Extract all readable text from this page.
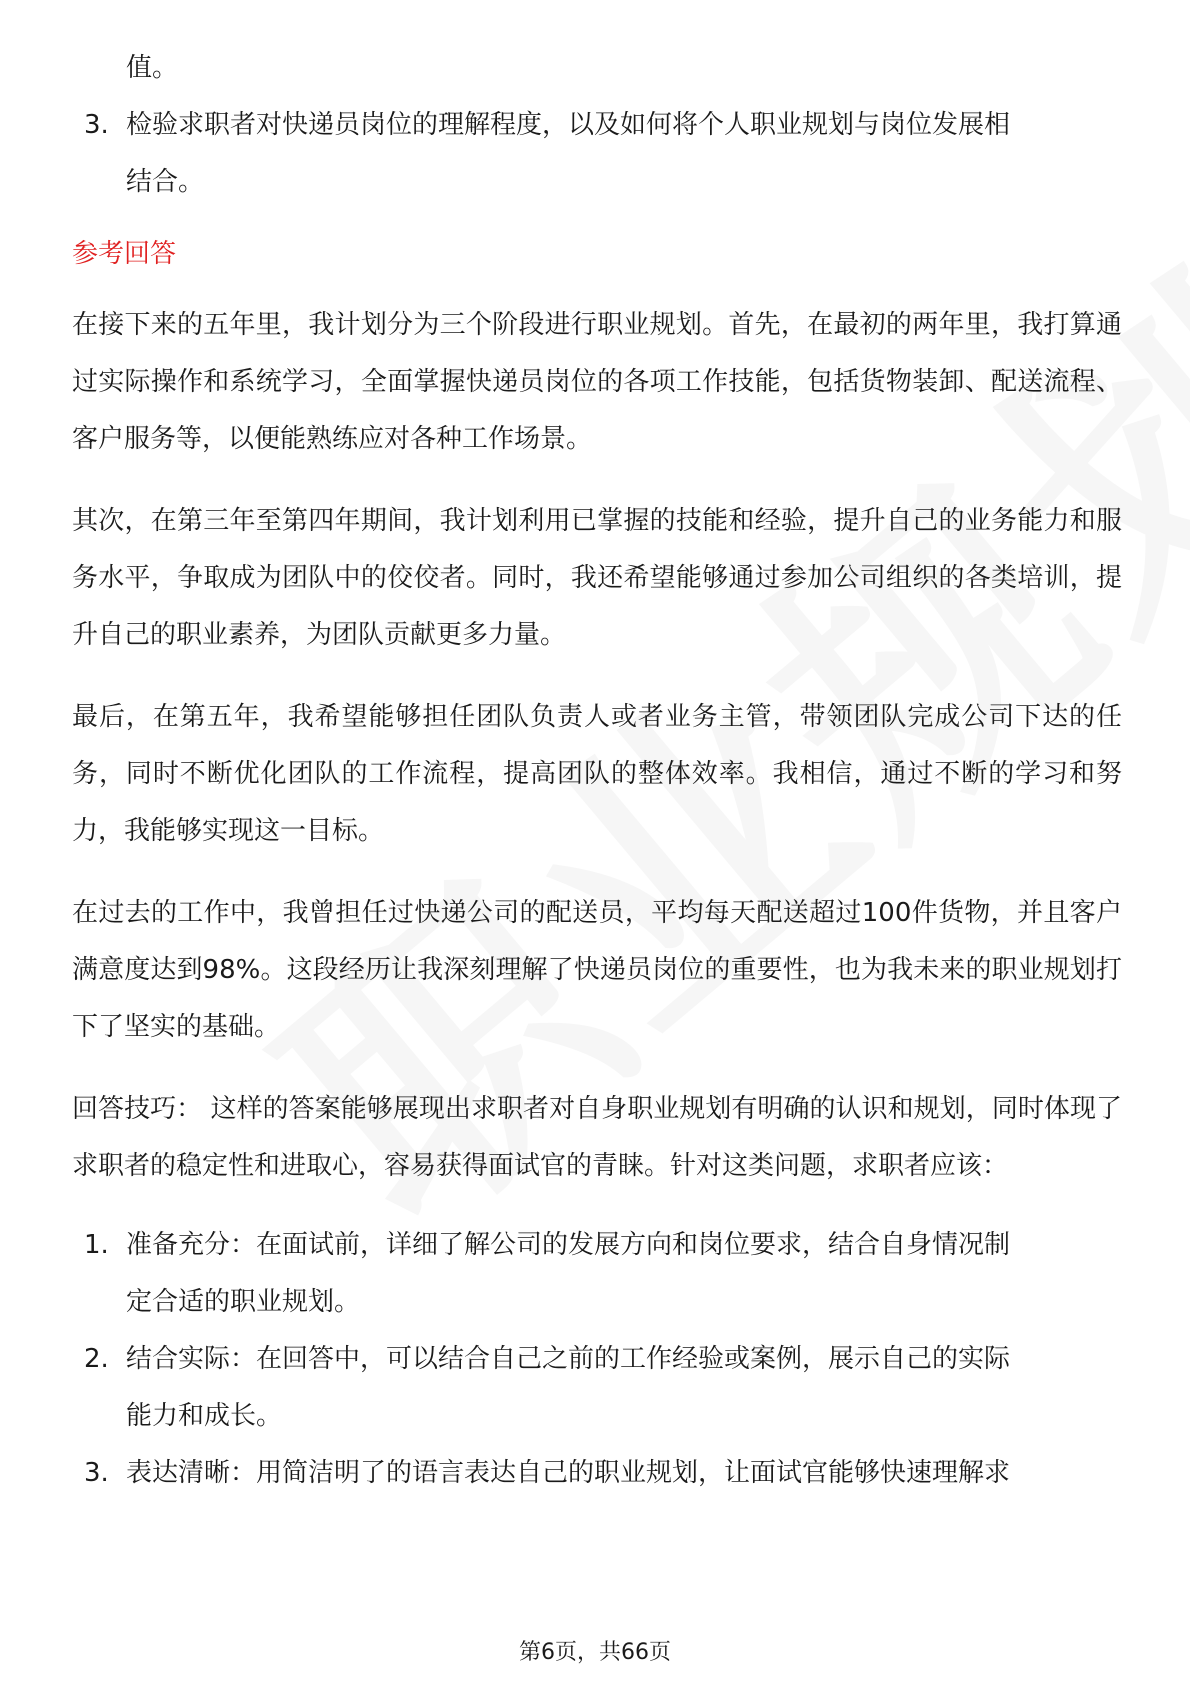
值。

3. 检验求职者对快递员岗位的理解程度，以及如何将个人职业规划与岗位发展相

结合。

参考回答

在接下来的五年里，我计划分为三个阶段进行职业规划。首先，在最初的两年里，我打算通过实际操作和系统学习，全面掌握快递员岗位的各项工作技能，包括货物装卸、配送流程、客户服务等，以便能熟练应对各种工作场景。

其次，在第三年至第四年期间，我计划利用已掌握的技能和经验，提升自己的业务能力和服务水平，争取成为团队中的佼佼者。同时，我还希望能够通过参加公司组织的各类培训，提升自己的职业素养，为团队贡献更多力量。

最后，在第五年，我希望能够担任团队负责人或者业务主管，带领团队完成公司下达的任务，同时不断优化团队的工作流程，提高团队的整体效率。我相信，通过不断的学习和努力，我能够实现这一目标。

在过去的工作中，我曾担任过快递公司的配送员，平均每天配送超过100件货物，并且客户满意度达到98%。这段经历让我深刻理解了快递员岗位的重要性，也为我未来的职业规划打下了坚实的基础。

回答技巧： 这样的答案能够展现出求职者对自身职业规划有明确的认识和规划，同时体现了求职者的稳定性和进取心，容易获得面试官的青睐。针对这类问题，求职者应该：

1. 准备充分：在面试前，详细了解公司的发展方向和岗位要求，结合自身情况制

定合适的职业规划。

2. 结合实际：在回答中，可以结合自己之前的工作经验或案例，展示自己的实际

能力和成长。

3. 表达清晰：用简洁明了的语言表达自己的职业规划，让面试官能够快速理解求

第6页，共66页
